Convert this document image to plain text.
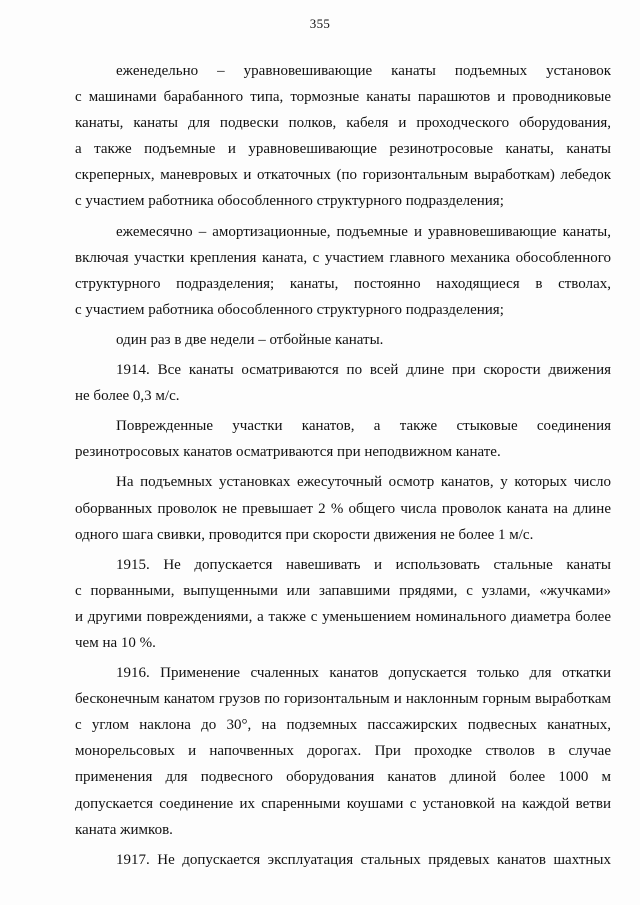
355
еженедельно – уравновешивающие канаты подъемных установок
с машинами барабанного типа, тормозные канаты парашютов и проводниковые
канаты, канаты для подвески полков, кабеля и проходческого оборудования,
а также подъемные и уравновешивающие резинотросовые канаты, канаты
скреперных, маневровых и откаточных (по горизонтальным выработкам) лебедок
с участием работника обособленного структурного подразделения;
ежемесячно – амортизационные, подъемные и уравновешивающие канаты,
включая участки крепления каната, с участием главного механика обособленного
структурного подразделения; канаты, постоянно находящиеся в стволах,
с участием работника обособленного структурного подразделения;
один раз в две недели – отбойные канаты.
1914. Все канаты осматриваются по всей длине при скорости движения
не более 0,3 м/с.
Поврежденные участки канатов, а также стыковые соединения
резинотросовых канатов осматриваются при неподвижном канате.
На подъемных установках ежесуточный осмотр канатов, у которых число
оборванных проволок не превышает 2 % общего числа проволок каната на длине
одного шага свивки, проводится при скорости движения не более 1 м/с.
1915. Не допускается навешивать и использовать стальные канаты
с порванными, выпущенными или запавшими прядями, с узлами, «жучками»
и другими повреждениями, а также с уменьшением номинального диаметра более
чем на 10 %.
1916. Применение счаленных канатов допускается только для откатки
бесконечным канатом грузов по горизонтальным и наклонным горным выработкам
с углом наклона до 30°, на подземных пассажирских подвесных канатных,
монорельсовых и напочвенных дорогах. При проходке стволов в случае
применения для подвесного оборудования канатов длиной более 1000 м
допускается соединение их спаренными коушами с установкой на каждой ветви
каната жимков.
1917. Не допускается эксплуатация стальных прядевых канатов шахтных
